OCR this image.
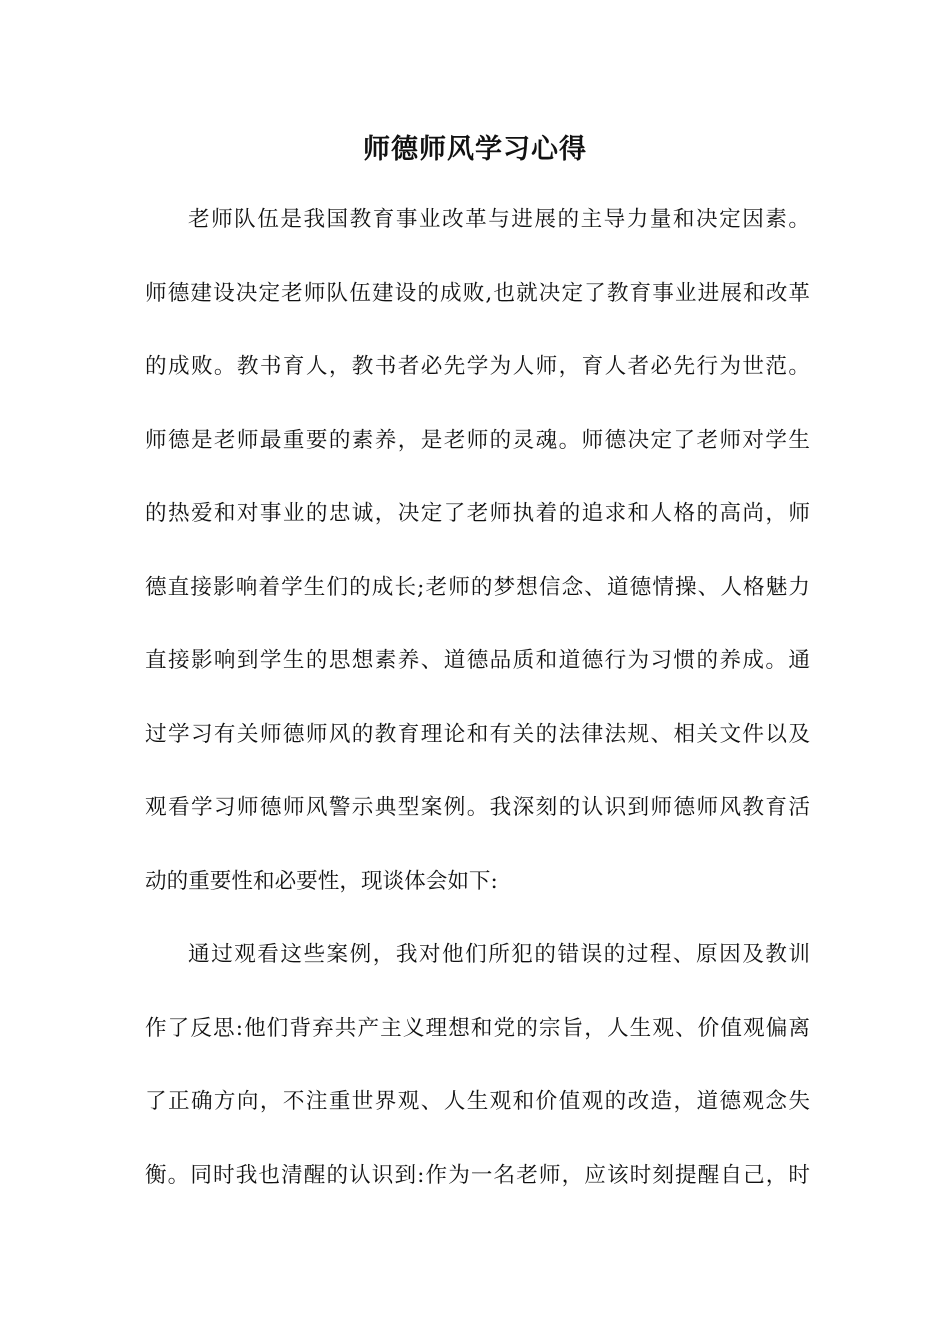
师德师风学习心得
老师队伍是我国教育事业改革与进展的主导力量和决定因素。
师德建设决定老师队伍建设的成败,也就决定了教育事业进展和改革
的成败。教书育人，教书者必先学为人师，育人者必先行为世范。
师德是老师最重要的素养，是老师的灵魂。师德决定了老师对学生
的热爱和对事业的忠诚，决定了老师执着的追求和人格的高尚，师
德直接影响着学生们的成长;老师的梦想信念、道德情操、人格魅力
直接影响到学生的思想素养、道德品质和道德行为习惯的养成。通
过学习有关师德师风的教育理论和有关的法律法规、相关文件以及
观看学习师德师风警示典型案例。我深刻的认识到师德师风教育活
动的重要性和必要性，现谈体会如下:
通过观看这些案例，我对他们所犯的错误的过程、原因及教训
作了反思:他们背弃共产主义理想和党的宗旨，人生观、价值观偏离
了正确方向，不注重世界观、人生观和价值观的改造，道德观念失
衡。同时我也清醒的认识到:作为一名老师，应该时刻提醒自己，时
